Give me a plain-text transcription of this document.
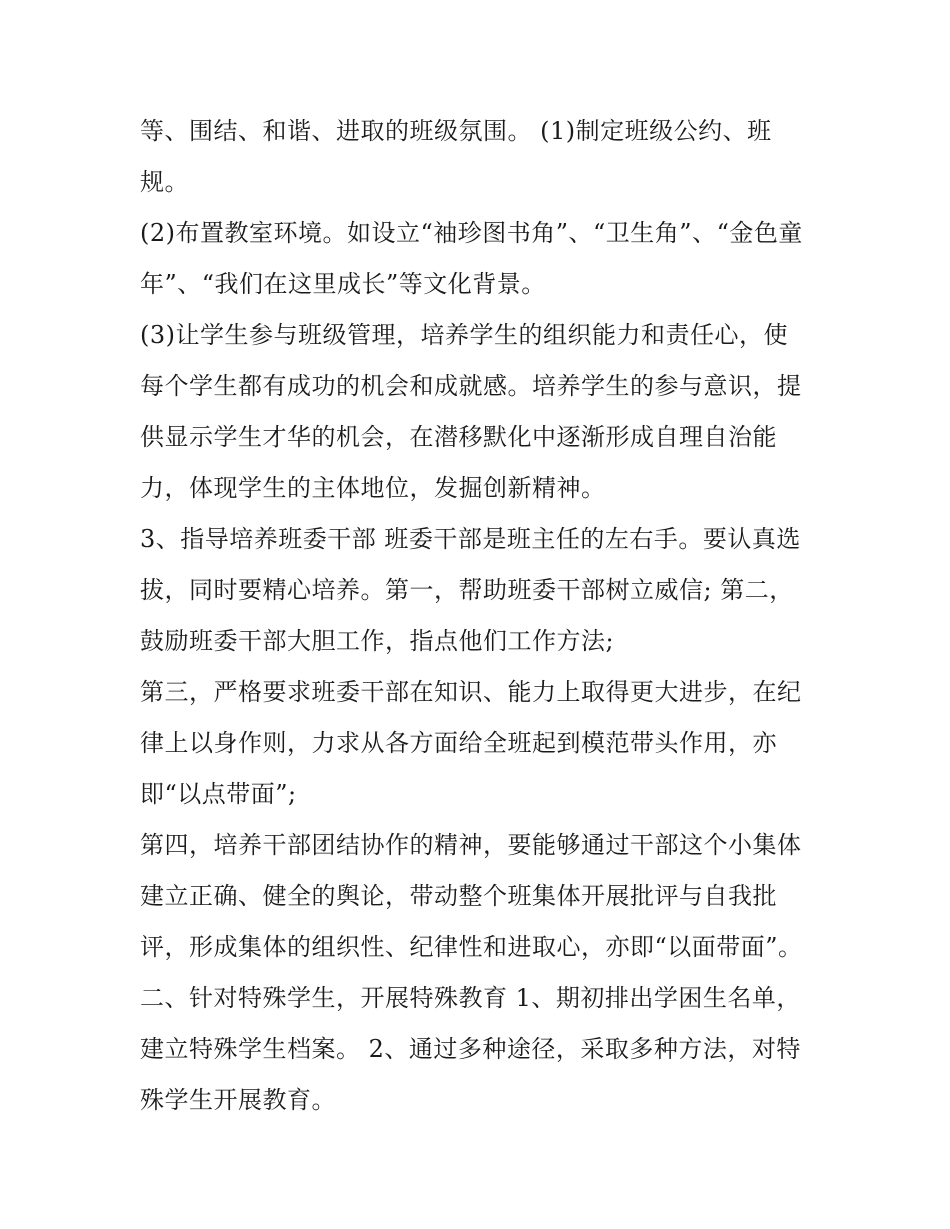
等、围结、和谐、进取的班级氛围。 (1)制定班级公约、班
规。
(2)布置教室环境。如设立“袖珍图书角”、“卫生角”、“金色童
年”、“我们在这里成长”等文化背景。
(3)让学生参与班级管理，培养学生的组织能力和责任心，使
每个学生都有成功的机会和成就感。培养学生的参与意识，提
供显示学生才华的机会，在潜移默化中逐渐形成自理自治能
力，体现学生的主体地位，发掘创新精神。
3、指导培养班委干部 班委干部是班主任的左右手。要认真选
拔，同时要精心培养。第一，帮助班委干部树立威信; 第二，
鼓励班委干部大胆工作，指点他们工作方法;
第三，严格要求班委干部在知识、能力上取得更大进步，在纪
律上以身作则，力求从各方面给全班起到模范带头作用，亦
即“以点带面”;
第四，培养干部团结协作的精神，要能够通过干部这个小集体
建立正确、健全的舆论，带动整个班集体开展批评与自我批
评，形成集体的组织性、纪律性和进取心，亦即“以面带面”。
二、针对特殊学生，开展特殊教育 1、期初排出学困生名单，
建立特殊学生档案。 2、通过多种途径，采取多种方法，对特
殊学生开展教育。
